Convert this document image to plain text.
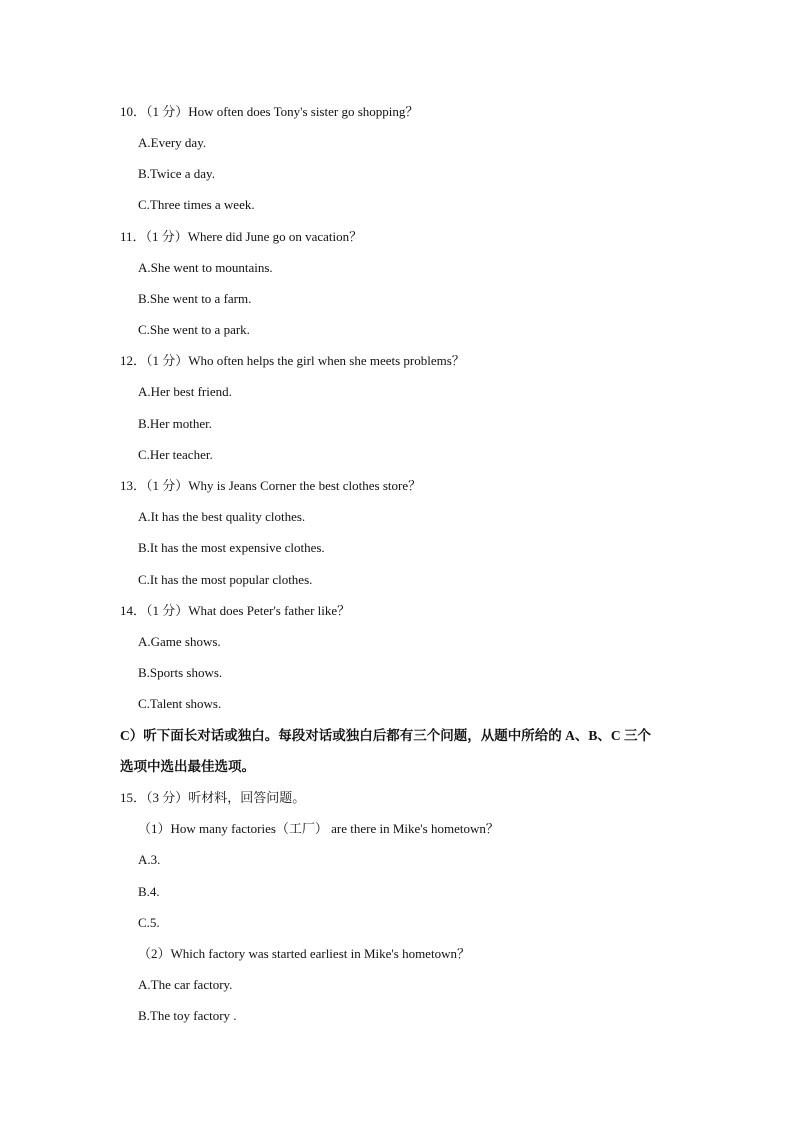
10．（1 分）How often does Tony's sister go shopping？
A.Every day.
B.Twice a day.
C.Three times a week.
11．（1 分）Where did June go on vacation？
A.She went to mountains.
B.She went to a farm.
C.She went to a park.
12．（1 分）Who often helps the girl when she meets problems？
A.Her best friend.
B.Her mother.
C.Her teacher.
13．（1 分）Why is Jeans Corner the best clothes store？
A.It has the best quality clothes.
B.It has the most expensive clothes.
C.It has the most popular clothes.
14．（1 分）What does Peter's father like？
A.Game shows.
B.Sports shows.
C.Talent shows.
C）听下面长对话或独白。每段对话或独白后都有三个问题，从题中所给的 A、B、C 三个
选项中选出最佳选项。
15．（3 分）听材料，回答问题。
（1）How many factories（工厂） are there in Mike's hometown？
A.3.
B.4.
C.5.
（2）Which factory was started earliest in Mike's hometown？
A.The car factory.
B.The toy factory .
